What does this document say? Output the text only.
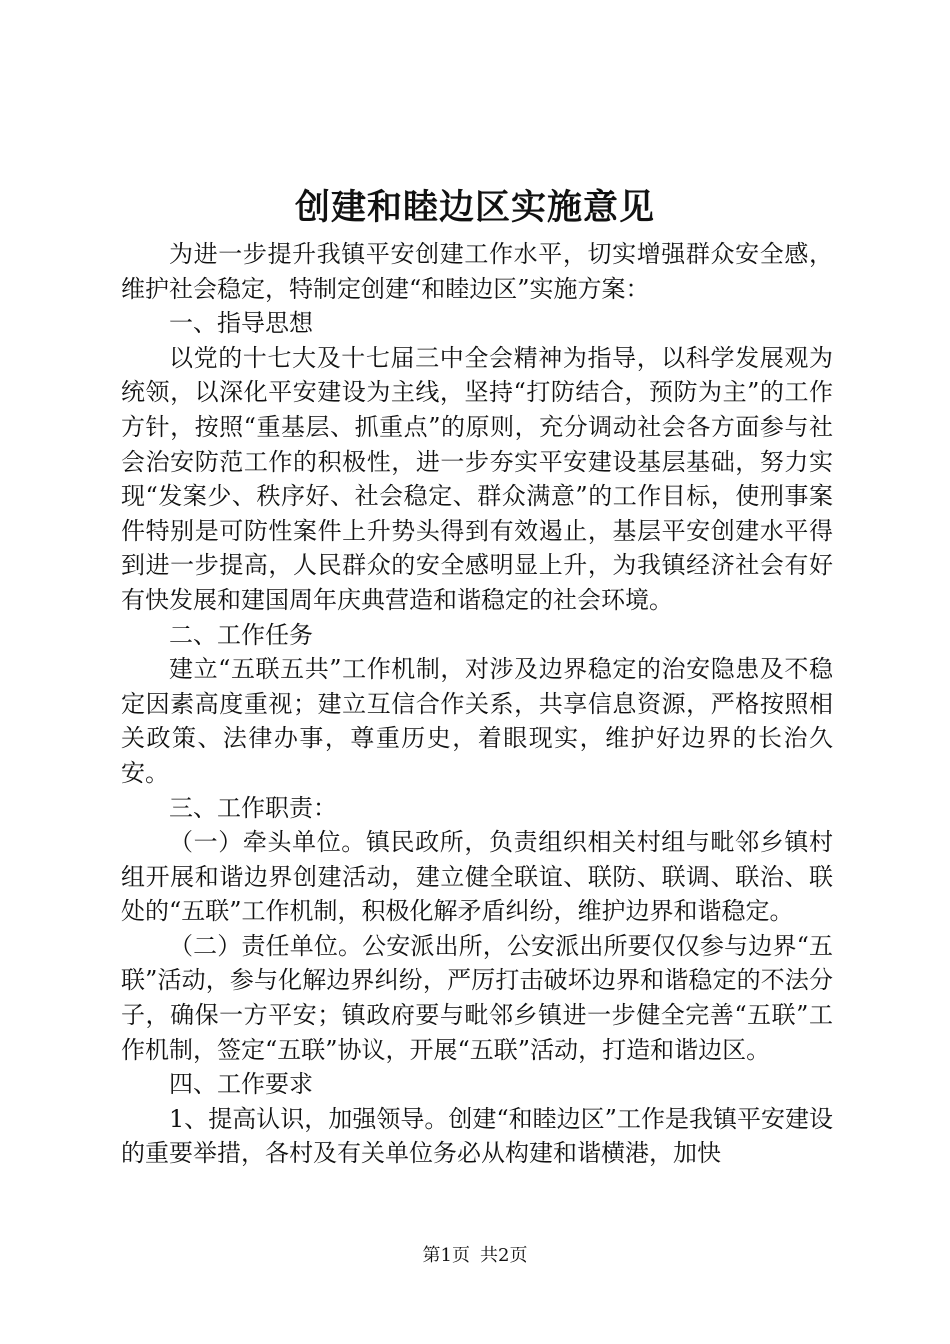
创建和睦边区实施意见

为进一步提升我镇平安创建工作水平，切实增强群众安全感，维护社会稳定，特制定创建“和睦边区”实施方案：

一、指导思想

以党的十七大及十七届三中全会精神为指导，以科学发展观为统领，以深化平安建设为主线，坚持“打防结合，预防为主”的工作方针，按照“重基层、抓重点”的原则，充分调动社会各方面参与社会治安防范工作的积极性，进一步夯实平安建设基层基础，努力实现“发案少、秩序好、社会稳定、群众满意”的工作目标，使刑事案件特别是可防性案件上升势头得到有效遏止，基层平安创建水平得到进一步提高，人民群众的安全感明显上升，为我镇经济社会有好有快发展和建国周年庆典营造和谐稳定的社会环境。

二、工作任务

建立“五联五共”工作机制，对涉及边界稳定的治安隐患及不稳定因素高度重视；建立互信合作关系，共享信息资源，严格按照相关政策、法律办事，尊重历史，着眼现实，维护好边界的长治久安。

三、工作职责：

（一）牵头单位。镇民政所，负责组织相关村组与毗邻乡镇村组开展和谐边界创建活动，建立健全联谊、联防、联调、联治、联处的“五联”工作机制，积极化解矛盾纠纷，维护边界和谐稳定。

（二）责任单位。公安派出所，公安派出所要仅仅参与边界“五联”活动，参与化解边界纠纷，严厉打击破坏边界和谐稳定的不法分子，确保一方平安；镇政府要与毗邻乡镇进一步健全完善“五联”工作机制，签定“五联”协议，开展“五联”活动，打造和谐边区。

四、工作要求

1、提高认识，加强领导。创建“和睦边区”工作是我镇平安建设的重要举措，各村及有关单位务必从构建和谐横港，加快

第1页 共2页
